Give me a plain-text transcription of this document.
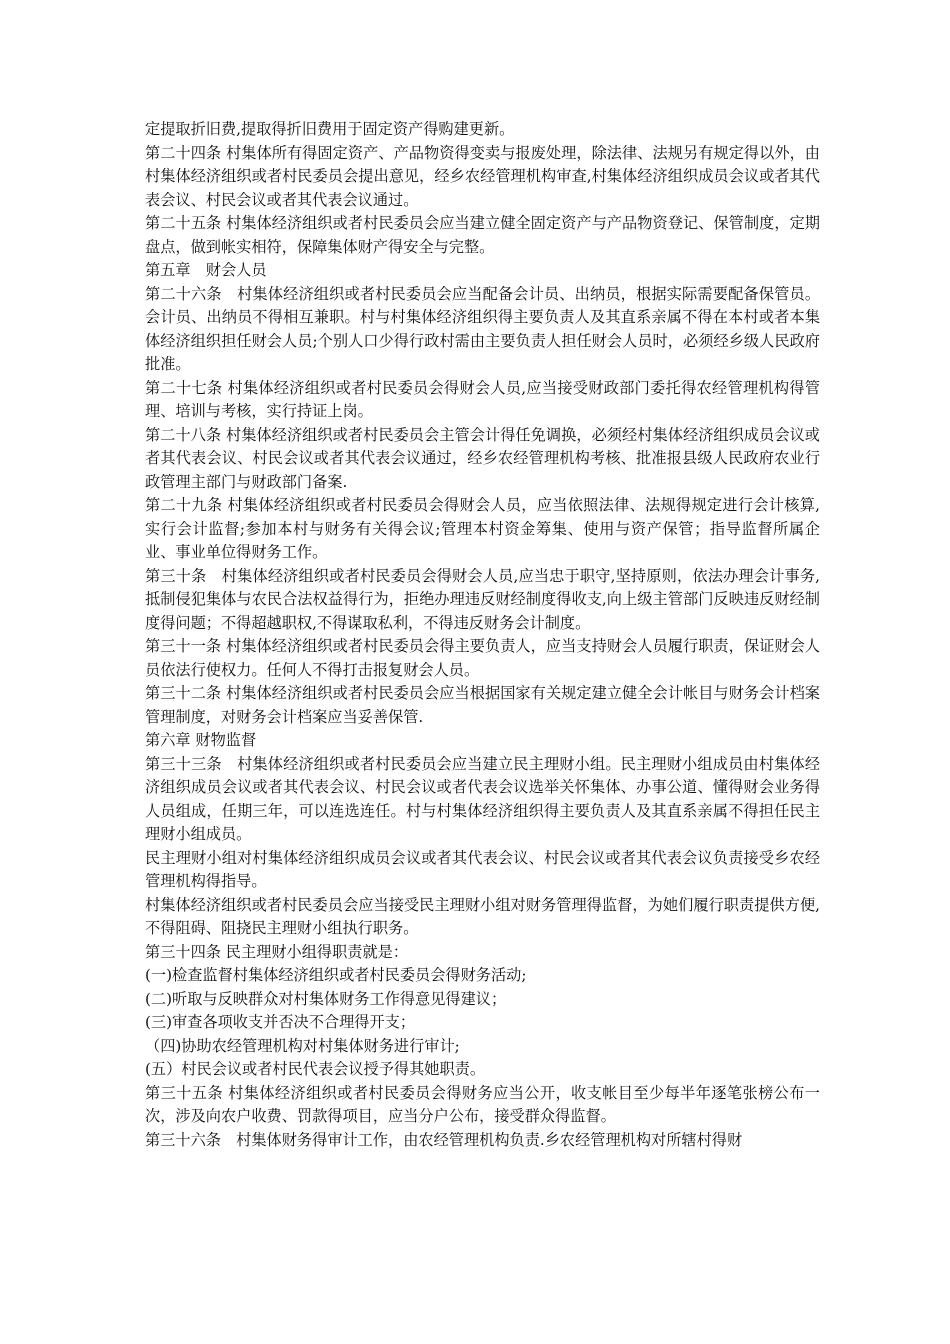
定提取折旧费,提取得折旧费用于固定资产得购建更新。

第二十四条 村集体所有得固定资产、产品物资得变卖与报废处理，除法律、法规另有规定得以外，由村集体经济组织或者村民委员会提出意见，经乡农经管理机构审查,村集体经济组织成员会议或者其代表会议、村民会议或者其代表会议通过。

第二十五条 村集体经济组织或者村民委员会应当建立健全固定资产与产品物资登记、保管制度，定期盘点，做到帐实相符，保障集体财产得安全与完整。

第五章　财会人员

第二十六条　村集体经济组织或者村民委员会应当配备会计员、出纳员，根据实际需要配备保管员。会计员、出纳员不得相互兼职。村与村集体经济组织得主要负责人及其直系亲属不得在本村或者本集体经济组织担任财会人员;个别人口少得行政村需由主要负责人担任财会人员时，必须经乡级人民政府批准。

第二十七条 村集体经济组织或者村民委员会得财会人员,应当接受财政部门委托得农经管理机构得管理、培训与考核，实行持证上岗。

第二十八条 村集体经济组织或者村民委员会主管会计得任免调换，必须经村集体经济组织成员会议或者其代表会议、村民会议或者其代表会议通过，经乡农经管理机构考核、批准报县级人民政府农业行政管理主部门与财政部门备案.

第二十九条 村集体经济组织或者村民委员会得财会人员，应当依照法律、法规得规定进行会计核算,实行会计监督;参加本村与财务有关得会议;管理本村资金筹集、使用与资产保管；指导监督所属企业、事业单位得财务工作。

第三十条　村集体经济组织或者村民委员会得财会人员,应当忠于职守,坚持原则，依法办理会计事务,抵制侵犯集体与农民合法权益得行为，拒绝办理违反财经制度得收支,向上级主管部门反映违反财经制度得问题；不得超越职权,不得谋取私利，不得违反财务会计制度。

第三十一条 村集体经济组织或者村民委员会得主要负责人，应当支持财会人员履行职责，保证财会人员依法行使权力。任何人不得打击报复财会人员。

第三十二条 村集体经济组织或者村民委员会应当根据国家有关规定建立健全会计帐目与财务会计档案管理制度，对财务会计档案应当妥善保管.

第六章 财物监督

第三十三条　村集体经济组织或者村民委员会应当建立民主理财小组。民主理财小组成员由村集体经济组织成员会议或者其代表会议、村民会议或者代表会议选举关怀集体、办事公道、懂得财会业务得人员组成，任期三年，可以连选连任。村与村集体经济组织得主要负责人及其直系亲属不得担任民主理财小组成员。

民主理财小组对村集体经济组织成员会议或者其代表会议、村民会议或者其代表会议负责接受乡农经管理机构得指导。

村集体经济组织或者村民委员会应当接受民主理财小组对财务管理得监督，为她们履行职责提供方便,不得阻碍、阻挠民主理财小组执行职务。

第三十四条 民主理财小组得职责就是：

(一)检查监督村集体经济组织或者村民委员会得财务活动;

(二)听取与反映群众对村集体财务工作得意见得建议；

(三)审查各项收支并否决不合理得开支；

（四)协助农经管理机构对村集体财务进行审计;

(五）村民会议或者村民代表会议授予得其她职责。

第三十五条 村集体经济组织或者村民委员会得财务应当公开，收支帐目至少每半年逐笔张榜公布一次，涉及向农户收费、罚款得项目，应当分户公布，接受群众得监督。

第三十六条　村集体财务得审计工作，由农经管理机构负责.乡农经管理机构对所辖村得财
